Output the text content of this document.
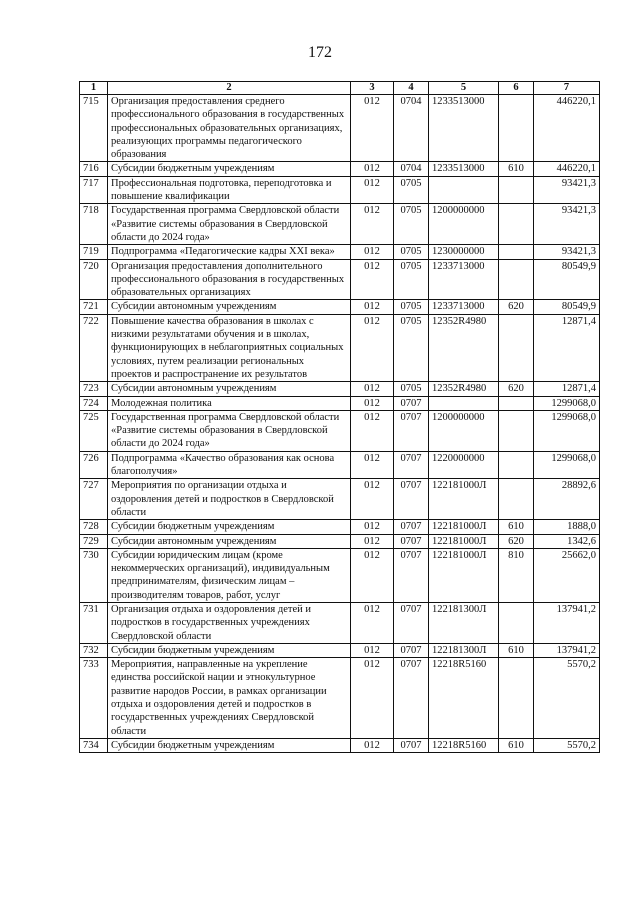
172
1	2	3	4	5	6	7
715	Организация предоставления среднего профессионального образования в государственных профессиональных образовательных организациях, реализующих программы педагогического образования	012	0704	1233513000		446220,1
716	Субсидии бюджетным учреждениям	012	0704	1233513000	610	446220,1
717	Профессиональная подготовка, переподготовка и повышение квалификации	012	0705			93421,3
718	Государственная программа Свердловской области «Развитие системы образования в Свердловской области до 2024 года»	012	0705	1200000000		93421,3
719	Подпрограмма «Педагогические кадры XXI века»	012	0705	1230000000		93421,3
720	Организация предоставления дополнительного профессионального образования в государственных образовательных организациях	012	0705	1233713000		80549,9
721	Субсидии автономным учреждениям	012	0705	1233713000	620	80549,9
722	Повышение качества образования в школах с низкими результатами обучения и в школах, функционирующих в неблагоприятных социальных условиях, путем реализации региональных проектов и распространение их результатов	012	0705	12352R4980		12871,4
723	Субсидии автономным учреждениям	012	0705	12352R4980	620	12871,4
724	Молодежная политика	012	0707			1299068,0
725	Государственная программа Свердловской области «Развитие системы образования в Свердловской области до 2024 года»	012	0707	1200000000		1299068,0
726	Подпрограмма «Качество образования как основа благополучия»	012	0707	1220000000		1299068,0
727	Мероприятия по организации отдыха и оздоровления детей и подростков в Свердловской области	012	0707	122181000Л		28892,6
728	Субсидии бюджетным учреждениям	012	0707	122181000Л	610	1888,0
729	Субсидии автономным учреждениям	012	0707	122181000Л	620	1342,6
730	Субсидии юридическим лицам (кроме некоммерческих организаций), индивидуальным предпринимателям, физическим лицам – производителям товаров, работ, услуг	012	0707	122181000Л	810	25662,0
731	Организация отдыха и оздоровления детей и подростков в государственных учреждениях Свердловской области	012	0707	122181300Л		137941,2
732	Субсидии бюджетным учреждениям	012	0707	122181300Л	610	137941,2
733	Мероприятия, направленные на укрепление единства российской нации и этнокультурное развитие народов России, в рамках организации отдыха и оздоровления детей и подростков в государственных учреждениях Свердловской области	012	0707	12218R5160		5570,2
734	Субсидии бюджетным учреждениям	012	0707	12218R5160	610	5570,2
